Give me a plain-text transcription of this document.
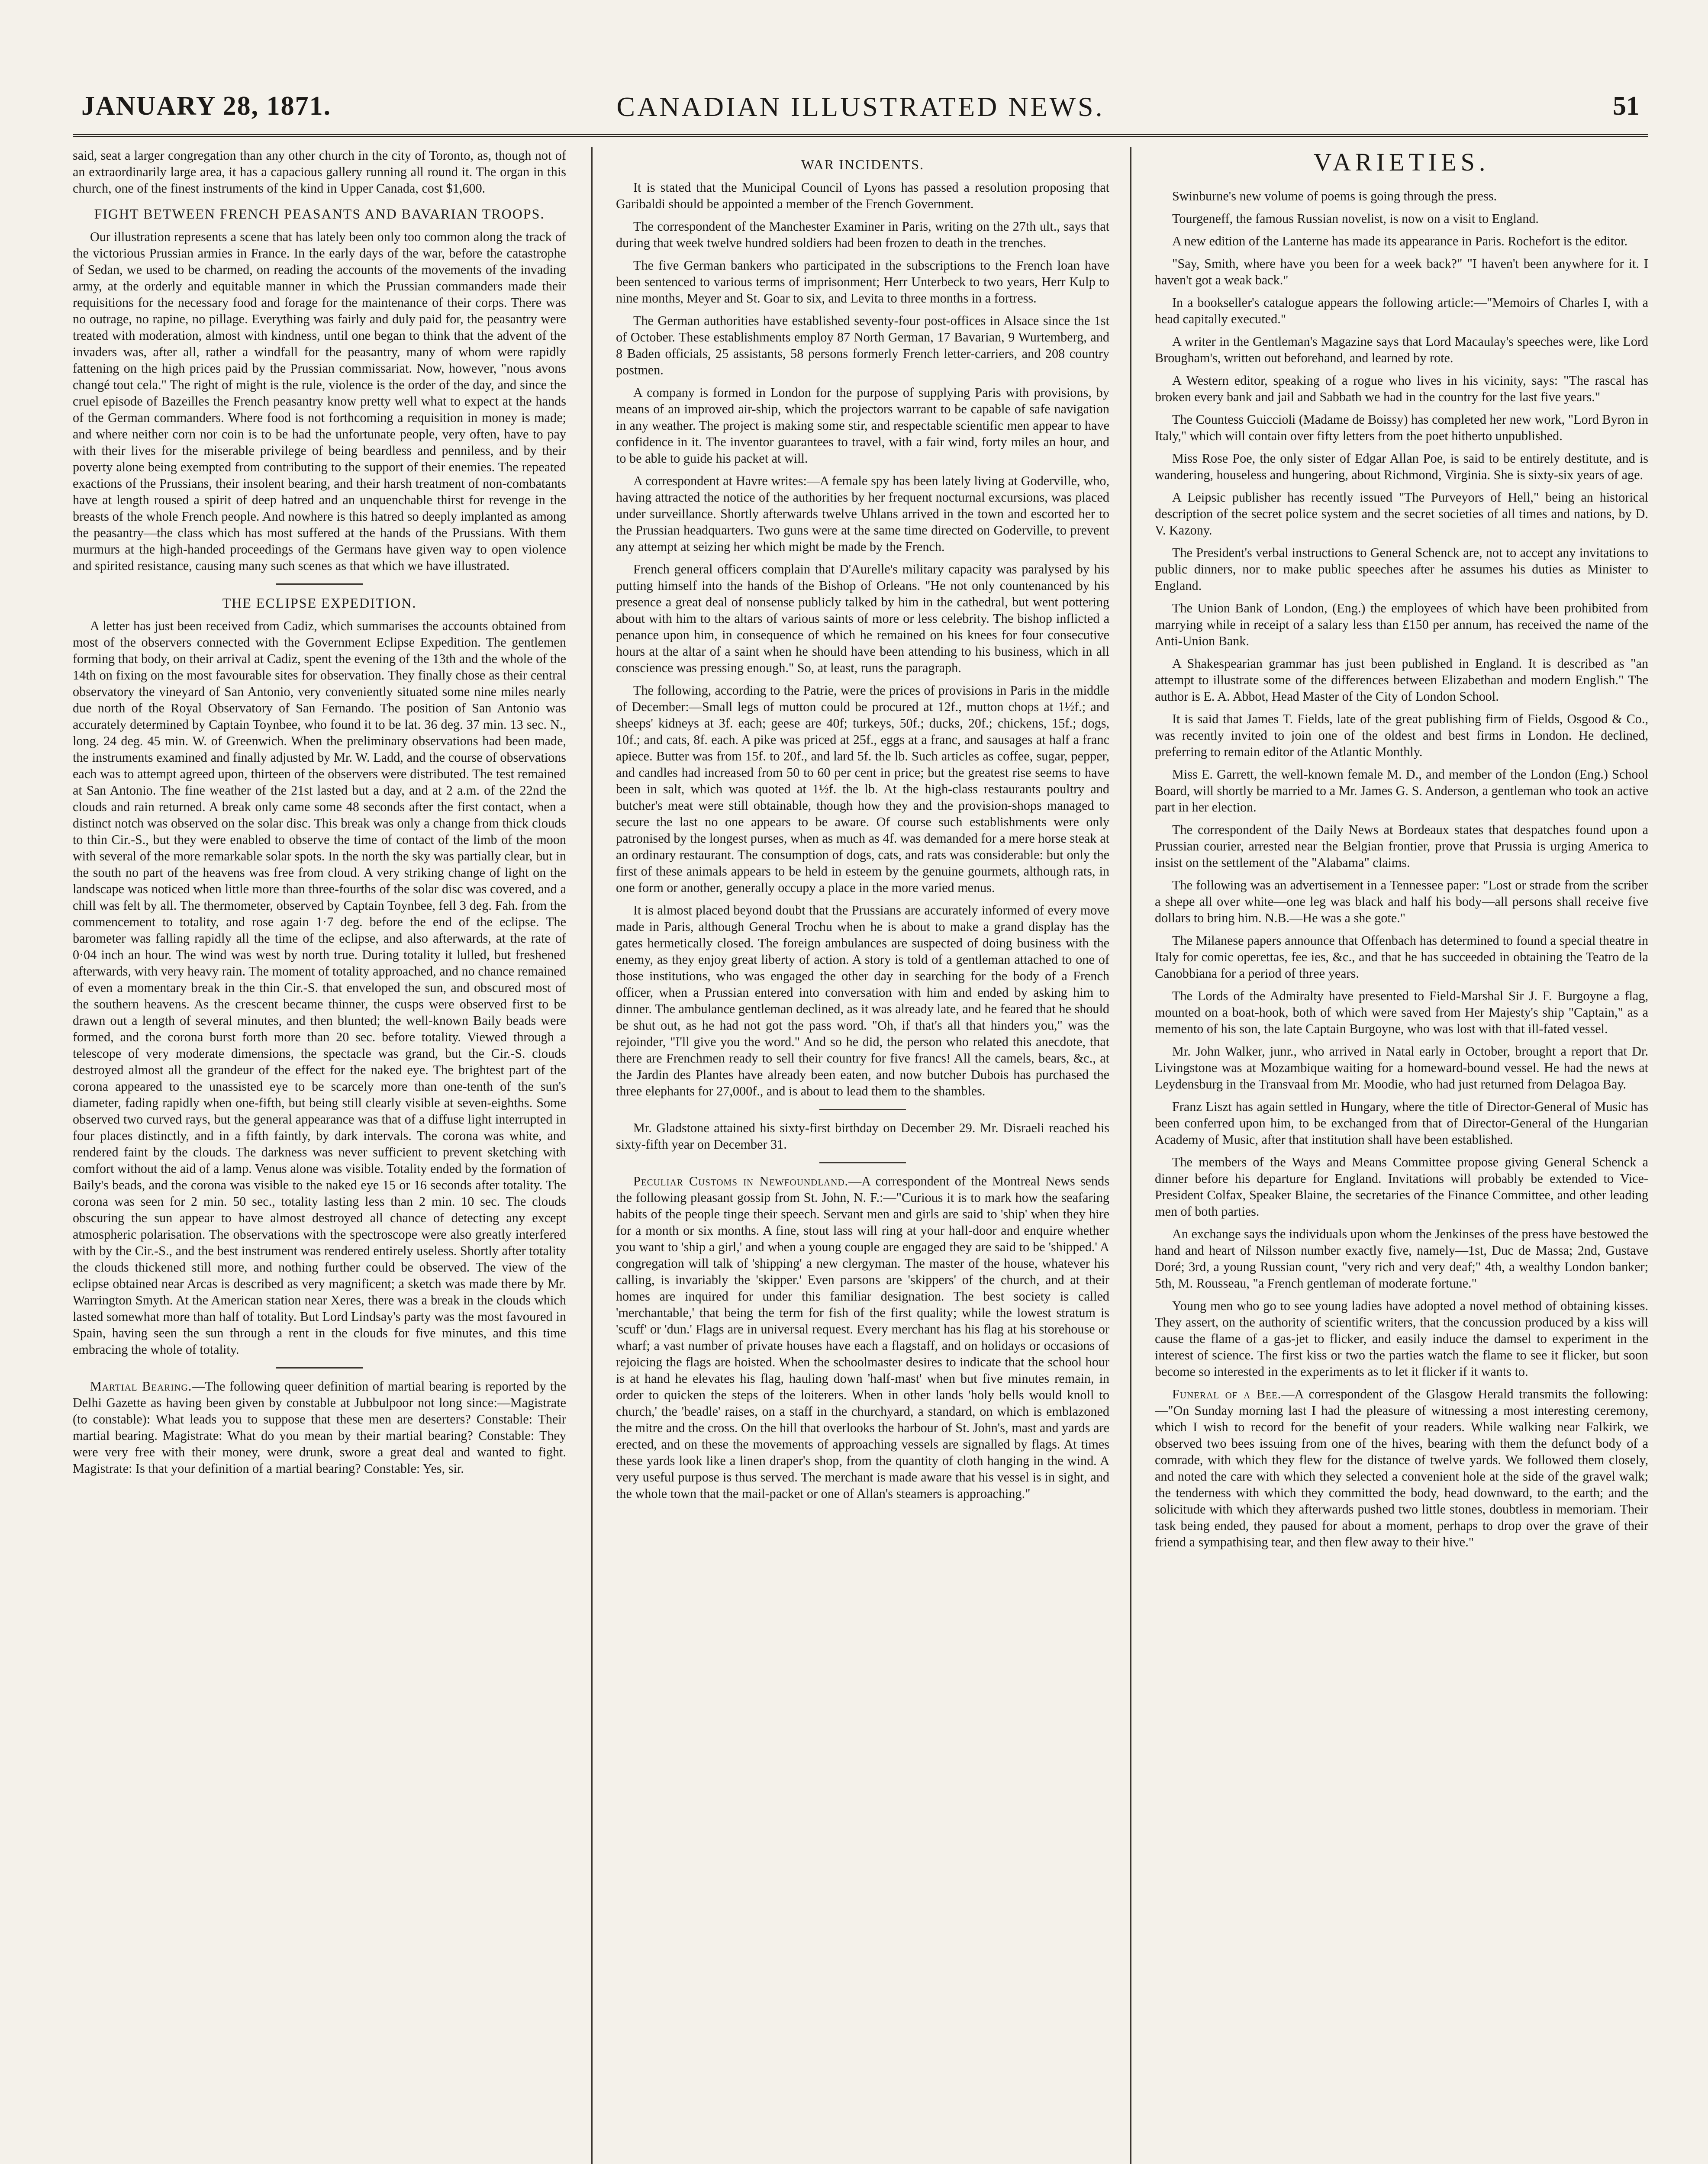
JANUARY 28, 1871.	CANADIAN ILLUSTRATED NEWS.	51

said, seat a larger congregation than any other church in the city of Toronto, as, though not of an extraordinarily large area, it has a capacious gallery running all round it. The organ in this church, one of the finest instruments of the kind in Upper Canada, cost $1,600.

FIGHT BETWEEN FRENCH PEASANTS AND BAVARIAN TROOPS.

Our illustration represents a scene that has lately been only too common along the track of the victorious Prussian armies in France. In the early days of the war, before the catastrophe of Sedan, we used to be charmed, on reading the accounts of the movements of the invading army, at the orderly and equitable manner in which the Prussian commanders made their requisitions for the necessary food and forage for the maintenance of their corps. There was no outrage, no rapine, no pillage. Everything was fairly and duly paid for, the peasantry were treated with moderation, almost with kindness, until one began to think that the advent of the invaders was, after all, rather a windfall for the peasantry, many of whom were rapidly fattening on the high prices paid by the Prussian commissariat. Now, however, "nous avons changé tout cela." The right of might is the rule, violence is the order of the day, and since the cruel episode of Bazeilles the French peasantry know pretty well what to expect at the hands of the German commanders. Where food is not forthcoming a requisition in money is made; and where neither corn nor coin is to be had the unfortunate people, very often, have to pay with their lives for the miserable privilege of being beardless and penniless, and by their poverty alone being exempted from contributing to the support of their enemies. The repeated exactions of the Prussians, their insolent bearing, and their harsh treatment of non-combatants have at length roused a spirit of deep hatred and an unquenchable thirst for revenge in the breasts of the whole French people. And nowhere is this hatred so deeply implanted as among the peasantry—the class which has most suffered at the hands of the Prussians. With them murmurs at the high-handed proceedings of the Germans have given way to open violence and spirited resistance, causing many such scenes as that which we have illustrated.

THE ECLIPSE EXPEDITION.

A letter has just been received from Cadiz, which summarises the accounts obtained from most of the observers connected with the Government Eclipse Expedition. The gentlemen forming that body, on their arrival at Cadiz, spent the evening of the 13th and the whole of the 14th on fixing on the most favourable sites for observation. They finally chose as their central observatory the vineyard of San Antonio, very conveniently situated some nine miles nearly due north of the Royal Observatory of San Fernando. The position of San Antonio was accurately determined by Captain Toynbee, who found it to be lat. 36 deg. 37 min. 13 sec. N., long. 24 deg. 45 min. W. of Greenwich. When the preliminary observations had been made, the instruments examined and finally adjusted by Mr. W. Ladd, and the course of observations each was to attempt agreed upon, thirteen of the observers were distributed. The test remained at San Antonio. The fine weather of the 21st lasted but a day, and at 2 a.m. of the 22nd the clouds and rain returned. A break only came some 48 seconds after the first contact, when a distinct notch was observed on the solar disc. This break was only a change from thick clouds to thin Cir.-S., but they were enabled to observe the time of contact of the limb of the moon with several of the more remarkable solar spots. In the north the sky was partially clear, but in the south no part of the heavens was free from cloud. A very striking change of light on the landscape was noticed when little more than three-fourths of the solar disc was covered, and a chill was felt by all. The thermometer, observed by Captain Toynbee, fell 3 deg. Fah. from the commencement to totality, and rose again 1·7 deg. before the end of the eclipse. The barometer was falling rapidly all the time of the eclipse, and also afterwards, at the rate of 0·04 inch an hour. The wind was west by north true. During totality it lulled, but freshened afterwards, with very heavy rain. The moment of totality approached, and no chance remained of even a momentary break in the thin Cir.-S. that enveloped the sun, and obscured most of the southern heavens. As the crescent became thinner, the cusps were observed first to be drawn out a length of several minutes, and then blunted; the well-known Baily beads were formed, and the corona burst forth more than 20 sec. before totality. Viewed through a telescope of very moderate dimensions, the spectacle was grand, but the Cir.-S. clouds destroyed almost all the grandeur of the effect for the naked eye. The brightest part of the corona appeared to the unassisted eye to be scarcely more than one-tenth of the sun's diameter, fading rapidly when one-fifth, but being still clearly visible at seven-eighths. Some observed two curved rays, but the general appearance was that of a diffuse light interrupted in four places distinctly, and in a fifth faintly, by dark intervals. The corona was white, and rendered faint by the clouds. The darkness was never sufficient to prevent sketching with comfort without the aid of a lamp. Venus alone was visible. Totality ended by the formation of Baily's beads, and the corona was visible to the naked eye 15 or 16 seconds after totality. The corona was seen for 2 min. 50 sec., totality lasting less than 2 min. 10 sec. The clouds obscuring the sun appear to have almost destroyed all chance of detecting any except atmospheric polarisation. The observations with the spectroscope were also greatly interfered with by the Cir.-S., and the best instrument was rendered entirely useless. Shortly after totality the clouds thickened still more, and nothing further could be observed. The view of the eclipse obtained near Arcas is described as very magnificent; a sketch was made there by Mr. Warrington Smyth. At the American station near Xeres, there was a break in the clouds which lasted somewhat more than half of totality. But Lord Lindsay's party was the most favoured in Spain, having seen the sun through a rent in the clouds for five minutes, and this time embracing the whole of totality.

Martial Bearing.—The following queer definition of martial bearing is reported by the Delhi Gazette as having been given by constable at Jubbulpoor not long since:—Magistrate (to constable): What leads you to suppose that these men are deserters? Constable: Their martial bearing. Magistrate: What do you mean by their martial bearing? Constable: They were very free with their money, were drunk, swore a great deal and wanted to fight. Magistrate: Is that your definition of a martial bearing? Constable: Yes, sir.

WAR INCIDENTS.

It is stated that the Municipal Council of Lyons has passed a resolution proposing that Garibaldi should be appointed a member of the French Government.

The correspondent of the Manchester Examiner in Paris, writing on the 27th ult., says that during that week twelve hundred soldiers had been frozen to death in the trenches.

The five German bankers who participated in the subscriptions to the French loan have been sentenced to various terms of imprisonment; Herr Unterbeck to two years, Herr Kulp to nine months, Meyer and St. Goar to six, and Levita to three months in a fortress.

The German authorities have established seventy-four post-offices in Alsace since the 1st of October. These establishments employ 87 North German, 17 Bavarian, 9 Wurtemberg, and 8 Baden officials, 25 assistants, 58 persons formerly French letter-carriers, and 208 country postmen.

A company is formed in London for the purpose of supplying Paris with provisions, by means of an improved air-ship, which the projectors warrant to be capable of safe navigation in any weather. The project is making some stir, and respectable scientific men appear to have confidence in it. The inventor guarantees to travel, with a fair wind, forty miles an hour, and to be able to guide his packet at will.

A correspondent at Havre writes:—A female spy has been lately living at Goderville, who, having attracted the notice of the authorities by her frequent nocturnal excursions, was placed under surveillance. Shortly afterwards twelve Uhlans arrived in the town and escorted her to the Prussian headquarters. Two guns were at the same time directed on Goderville, to prevent any attempt at seizing her which might be made by the French.

French general officers complain that D'Aurelle's military capacity was paralysed by his putting himself into the hands of the Bishop of Orleans. "He not only countenanced by his presence a great deal of nonsense publicly talked by him in the cathedral, but went pottering about with him to the altars of various saints of more or less celebrity. The bishop inflicted a penance upon him, in consequence of which he remained on his knees for four consecutive hours at the altar of a saint when he should have been attending to his business, which in all conscience was pressing enough." So, at least, runs the paragraph.

The following, according to the Patrie, were the prices of provisions in Paris in the middle of December:—Small legs of mutton could be procured at 12f., mutton chops at 1½f.; and sheeps' kidneys at 3f. each; geese are 40f; turkeys, 50f.; ducks, 20f.; chickens, 15f.; dogs, 10f.; and cats, 8f. each. A pike was priced at 25f., eggs at a franc, and sausages at half a franc apiece. Butter was from 15f. to 20f., and lard 5f. the lb. Such articles as coffee, sugar, pepper, and candles had increased from 50 to 60 per cent in price; but the greatest rise seems to have been in salt, which was quoted at 1½f. the lb. At the high-class restaurants poultry and butcher's meat were still obtainable, though how they and the provision-shops managed to secure the last no one appears to be aware. Of course such establishments were only patronised by the longest purses, when as much as 4f. was demanded for a mere horse steak at an ordinary restaurant. The consumption of dogs, cats, and rats was considerable: but only the first of these animals appears to be held in esteem by the genuine gourmets, although rats, in one form or another, generally occupy a place in the more varied menus.

It is almost placed beyond doubt that the Prussians are accurately informed of every move made in Paris, although General Trochu when he is about to make a grand display has the gates hermetically closed. The foreign ambulances are suspected of doing business with the enemy, as they enjoy great liberty of action. A story is told of a gentleman attached to one of those institutions, who was engaged the other day in searching for the body of a French officer, when a Prussian entered into conversation with him and ended by asking him to dinner. The ambulance gentleman declined, as it was already late, and he feared that he should be shut out, as he had not got the pass word. "Oh, if that's all that hinders you," was the rejoinder, "I'll give you the word." And so he did, the person who related this anecdote, that there are Frenchmen ready to sell their country for five francs! All the camels, bears, &c., at the Jardin des Plantes have already been eaten, and now butcher Dubois has purchased the three elephants for 27,000f., and is about to lead them to the shambles.

Mr. Gladstone attained his sixty-first birthday on December 29. Mr. Disraeli reached his sixty-fifth year on December 31.

Peculiar Customs in Newfoundland.—A correspondent of the Montreal News sends the following pleasant gossip from St. John, N. F.:—"Curious it is to mark how the seafaring habits of the people tinge their speech. Servant men and girls are said to 'ship' when they hire for a month or six months. A fine, stout lass will ring at your hall-door and enquire whether you want to 'ship a girl,' and when a young couple are engaged they are said to be 'shipped.' A congregation will talk of 'shipping' a new clergyman. The master of the house, whatever his calling, is invariably the 'skipper.' Even parsons are 'skippers' of the church, and at their homes are inquired for under this familiar designation. The best society is called 'merchantable,' that being the term for fish of the first quality; while the lowest stratum is 'scuff' or 'dun.' Flags are in universal request. Every merchant has his flag at his storehouse or wharf; a vast number of private houses have each a flagstaff, and on holidays or occasions of rejoicing the flags are hoisted. When the schoolmaster desires to indicate that the school hour is at hand he elevates his flag, hauling down 'half-mast' when but five minutes remain, in order to quicken the steps of the loiterers. When in other lands 'holy bells would knoll to church,' the 'beadle' raises, on a staff in the churchyard, a standard, on which is emblazoned the mitre and the cross. On the hill that overlooks the harbour of St. John's, mast and yards are erected, and on these the movements of approaching vessels are signalled by flags. At times these yards look like a linen draper's shop, from the quantity of cloth hanging in the wind. A very useful purpose is thus served. The merchant is made aware that his vessel is in sight, and the whole town that the mail-packet or one of Allan's steamers is approaching."

VARIETIES.

Swinburne's new volume of poems is going through the press.

Tourgeneff, the famous Russian novelist, is now on a visit to England.

A new edition of the Lanterne has made its appearance in Paris. Rochefort is the editor.

"Say, Smith, where have you been for a week back?" "I haven't been anywhere for it. I haven't got a weak back."

In a bookseller's catalogue appears the following article:—"Memoirs of Charles I, with a head capitally executed."

A writer in the Gentleman's Magazine says that Lord Macaulay's speeches were, like Lord Brougham's, written out beforehand, and learned by rote.

A Western editor, speaking of a rogue who lives in his vicinity, says: "The rascal has broken every bank and jail and Sabbath we had in the country for the last five years."

The Countess Guiccioli (Madame de Boissy) has completed her new work, "Lord Byron in Italy," which will contain over fifty letters from the poet hitherto unpublished.

Miss Rose Poe, the only sister of Edgar Allan Poe, is said to be entirely destitute, and is wandering, houseless and hungering, about Richmond, Virginia. She is sixty-six years of age.

A Leipsic publisher has recently issued "The Purveyors of Hell," being an historical description of the secret police system and the secret societies of all times and nations, by D. V. Kazony.

The President's verbal instructions to General Schenck are, not to accept any invitations to public dinners, nor to make public speeches after he assumes his duties as Minister to England.

The Union Bank of London, (Eng.) the employees of which have been prohibited from marrying while in receipt of a salary less than £150 per annum, has received the name of the Anti-Union Bank.

A Shakespearian grammar has just been published in England. It is described as "an attempt to illustrate some of the differences between Elizabethan and modern English." The author is E. A. Abbot, Head Master of the City of London School.

It is said that James T. Fields, late of the great publishing firm of Fields, Osgood & Co., was recently invited to join one of the oldest and best firms in London. He declined, preferring to remain editor of the Atlantic Monthly.

Miss E. Garrett, the well-known female M. D., and member of the London (Eng.) School Board, will shortly be married to a Mr. James G. S. Anderson, a gentleman who took an active part in her election.

The correspondent of the Daily News at Bordeaux states that despatches found upon a Prussian courier, arrested near the Belgian frontier, prove that Prussia is urging America to insist on the settlement of the "Alabama" claims.

The following was an advertisement in a Tennessee paper: "Lost or strade from the scriber a shepe all over white—one leg was black and half his body—all persons shall receive five dollars to bring him. N.B.—He was a she gote."

The Milanese papers announce that Offenbach has determined to found a special theatre in Italy for comic operettas, fee ies, &c., and that he has succeeded in obtaining the Teatro de la Canobbiana for a period of three years.

The Lords of the Admiralty have presented to Field-Marshal Sir J. F. Burgoyne a flag, mounted on a boat-hook, both of which were saved from Her Majesty's ship "Captain," as a memento of his son, the late Captain Burgoyne, who was lost with that ill-fated vessel.

Mr. John Walker, junr., who arrived in Natal early in October, brought a report that Dr. Livingstone was at Mozambique waiting for a homeward-bound vessel. He had the news at Leydensburg in the Transvaal from Mr. Moodie, who had just returned from Delagoa Bay.

Franz Liszt has again settled in Hungary, where the title of Director-General of Music has been conferred upon him, to be exchanged from that of Director-General of the Hungarian Academy of Music, after that institution shall have been established.

The members of the Ways and Means Committee propose giving General Schenck a dinner before his departure for England. Invitations will probably be extended to Vice-President Colfax, Speaker Blaine, the secretaries of the Finance Committee, and other leading men of both parties.

An exchange says the individuals upon whom the Jenkinses of the press have bestowed the hand and heart of Nilsson number exactly five, namely—1st, Duc de Massa; 2nd, Gustave Doré; 3rd, a young Russian count, "very rich and very deaf;" 4th, a wealthy London banker; 5th, M. Rousseau, "a French gentleman of moderate fortune."

Young men who go to see young ladies have adopted a novel method of obtaining kisses. They assert, on the authority of scientific writers, that the concussion produced by a kiss will cause the flame of a gas-jet to flicker, and easily induce the damsel to experiment in the interest of science. The first kiss or two the parties watch the flame to see it flicker, but soon become so interested in the experiments as to let it flicker if it wants to.

Funeral of a Bee.—A correspondent of the Glasgow Herald transmits the following:—"On Sunday morning last I had the pleasure of witnessing a most interesting ceremony, which I wish to record for the benefit of your readers. While walking near Falkirk, we observed two bees issuing from one of the hives, bearing with them the defunct body of a comrade, with which they flew for the distance of twelve yards. We followed them closely, and noted the care with which they selected a convenient hole at the side of the gravel walk; the tenderness with which they committed the body, head downward, to the earth; and the solicitude with which they afterwards pushed two little stones, doubtless in memoriam. Their task being ended, they paused for about a moment, perhaps to drop over the grave of their friend a sympathising tear, and then flew away to their hive."
